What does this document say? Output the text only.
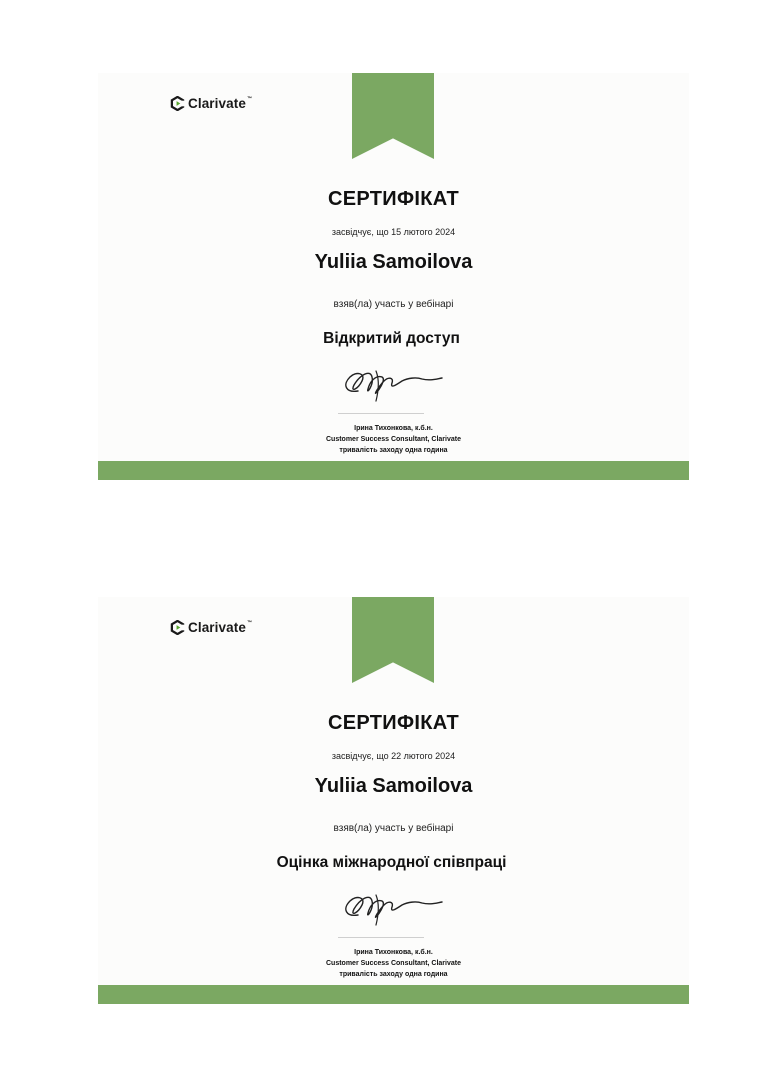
Clarivate ™
СЕРТИФІКАТ
засвідчує, що 15 лютого 2024
Yuliia Samoilova
взяв(ла) участь у вебінарі
Відкритий доступ
Ірина Тихонкова, к.б.н.
Customer Success Consultant, Clarivate
тривалість заходу одна година
Clarivate ™
СЕРТИФІКАТ
засвідчує, що 22 лютого 2024
Yuliia Samoilova
взяв(ла) участь у вебінарі
Оцінка міжнародної співпраці
Ірина Тихонкова, к.б.н.
Customer Success Consultant, Clarivate
тривалість заходу одна година
